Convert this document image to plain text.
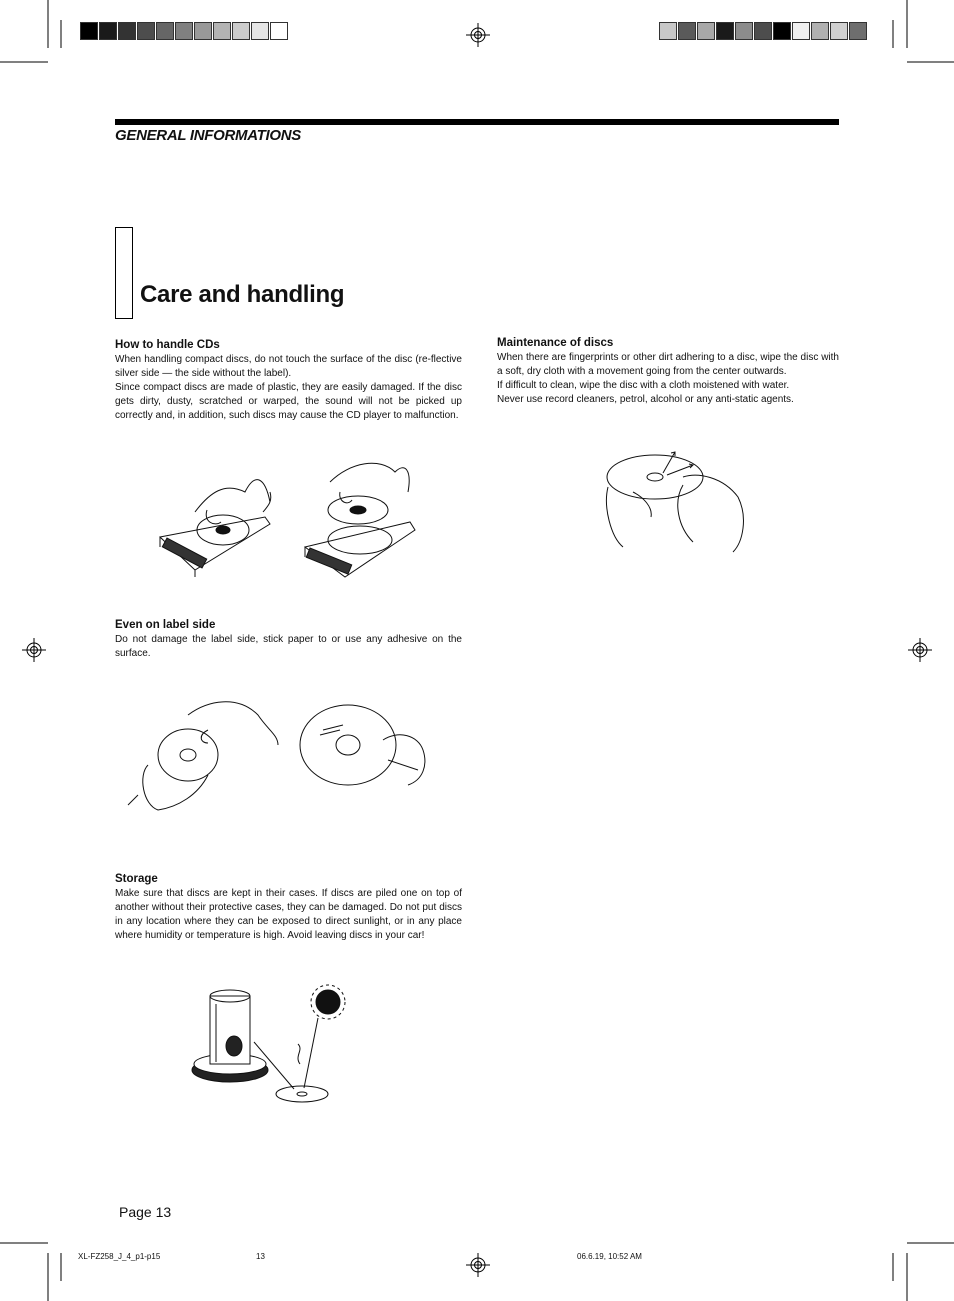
GENERAL INFORMATIONS
Care and handling
How to handle CDs
When handling compact discs, do not touch the surface of the disc (re-flective silver side — the side without the label).
Since compact discs are made of plastic, they are easily damaged. If the disc gets dirty, dusty, scratched or warped, the sound will not be picked up correctly and, in addition, such discs may cause the CD player to malfunction.
Even on label side
Do not damage the label side, stick paper to or use any adhesive on the surface.
Storage
Make sure that discs are kept in their cases. If discs are piled one on top of another without their protective cases, they can be damaged. Do not put discs in any location where they can be exposed to direct sunlight, or in any place where humidity or temperature is high. Avoid leaving discs in your car!
Maintenance of discs
When there are fingerprints or other dirt adhering to a disc, wipe the disc with a soft, dry cloth with a movement going from the center outwards.
If difficult to clean, wipe the disc with a cloth moistened with water.
Never use record cleaners, petrol, alcohol or any anti-static agents.
Page 13
XL-FZ258_J_4_p1-p15	13	06.6.19, 10:52 AM
